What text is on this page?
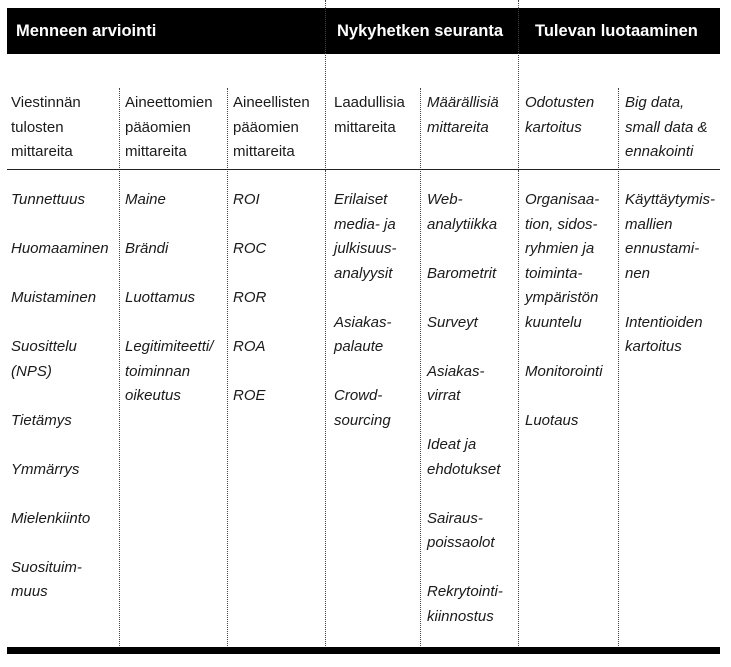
Menneen arviointi	Nykyhetken seuranta Tulevan luotaaminen
Viestinnän
tulosten
mittareita
Tunnettuus
Huomaaminen
Muistaminen
Suosittelu
(NPS)
Tietämys
Ymmärrys
Mielenkiinto
Suosituim-
muus
Aineettomien
pääomien
mittareita
Maine
Brändi
Luottamus
Legitimiteetti/
toiminnan
oikeutus
Aineellisten
pääomien
mittareita
ROI
ROC
ROR
ROA
ROE
Laadullisia
mittareita
Erilaiset
media- ja
julkisuus-
analyysit
Asiakas-
palaute
Crowd-
sourcing
Määrällisiä
mittareita
Web-
analytiikka
Barometrit
Surveyt
Asiakas-
virrat
Ideat ja
ehdotukset
Sairaus-
poissaolot
Rekrytointi-
kiinnostus
Odotusten
kartoitus
Organisaa-
tion, sidos-
ryhmien ja
toiminta-
ympäristön
kuuntelu
Monitorointi
Luotaus
Big data,
small data &
ennakointi
Käyttäytymis-
mallien
ennustami-
nen
Intentioiden
kartoitus
